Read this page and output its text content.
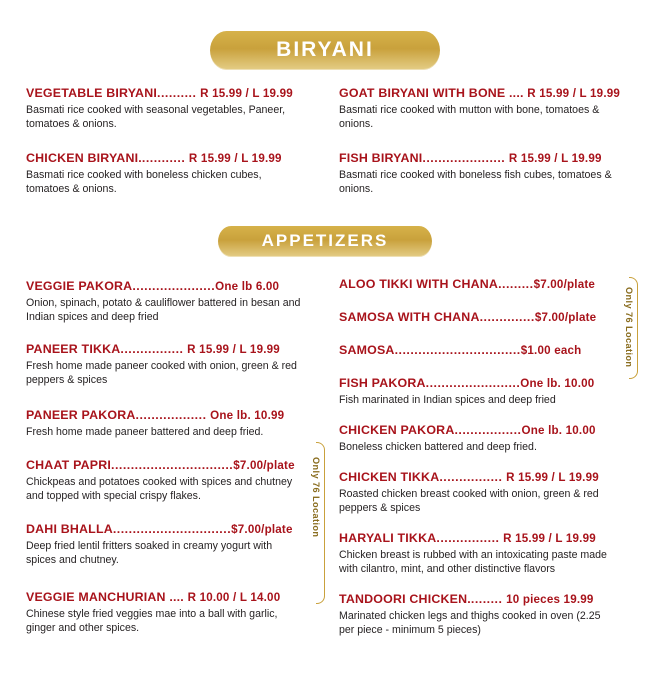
BIRYANI
VEGETABLE BIRYANI.......... R 15.99 / L 19.99
Basmati rice cooked with seasonal vegetables, Paneer, tomatoes & onions.
CHICKEN BIRYANI............ R 15.99 / L 19.99
Basmati rice cooked with boneless chicken cubes, tomatoes & onions.
GOAT BIRYANI WITH BONE .... R 15.99 / L 19.99
Basmati rice cooked with mutton with bone, tomatoes & onions.
FISH BIRYANI..................... R 15.99 / L 19.99
Basmati rice cooked with boneless fish cubes, tomatoes & onions.
APPETIZERS
VEGGIE PAKORA.....................One lb 6.00
Onion, spinach, potato & cauliflower battered in besan and Indian spices and deep fried
PANEER TIKKA................ R 15.99 / L 19.99
Fresh home made paneer cooked with onion, green & red peppers & spices
PANEER PAKORA.................. One lb. 10.99
Fresh home made paneer battered and deep fried.
CHAAT PAPRI...............................$7.00/plate
Chickpeas and potatoes cooked with spices and chutney and topped with special crispy flakes.
DAHI BHALLA..............................$7.00/plate
Deep fried lentil fritters soaked in creamy yogurt with spices and chutney.
VEGGIE MANCHURIAN .... R 10.00 / L 14.00
Chinese style fried veggies mae into a ball with garlic, ginger and other spices.
Only 76 Location
ALOO TIKKI WITH CHANA.........$7.00/plate
SAMOSA WITH CHANA..............$7.00/plate
SAMOSA................................$1.00 each
FISH PAKORA........................One lb. 10.00
Fish marinated in Indian spices and deep fried
CHICKEN PAKORA.................One lb. 10.00
Boneless chicken battered and deep fried.
CHICKEN TIKKA................ R 15.99 / L 19.99
Roasted chicken breast cooked with onion, green & red peppers & spices
HARYALI TIKKA................ R 15.99 / L 19.99
Chicken breast is rubbed with an intoxicating paste made with cilantro, mint, and other distinctive flavors
TANDOORI CHICKEN......... 10 pieces 19.99
Marinated chicken legs and thighs cooked in oven (2.25 per piece - minimum 5 pieces)
Only 76 Location
